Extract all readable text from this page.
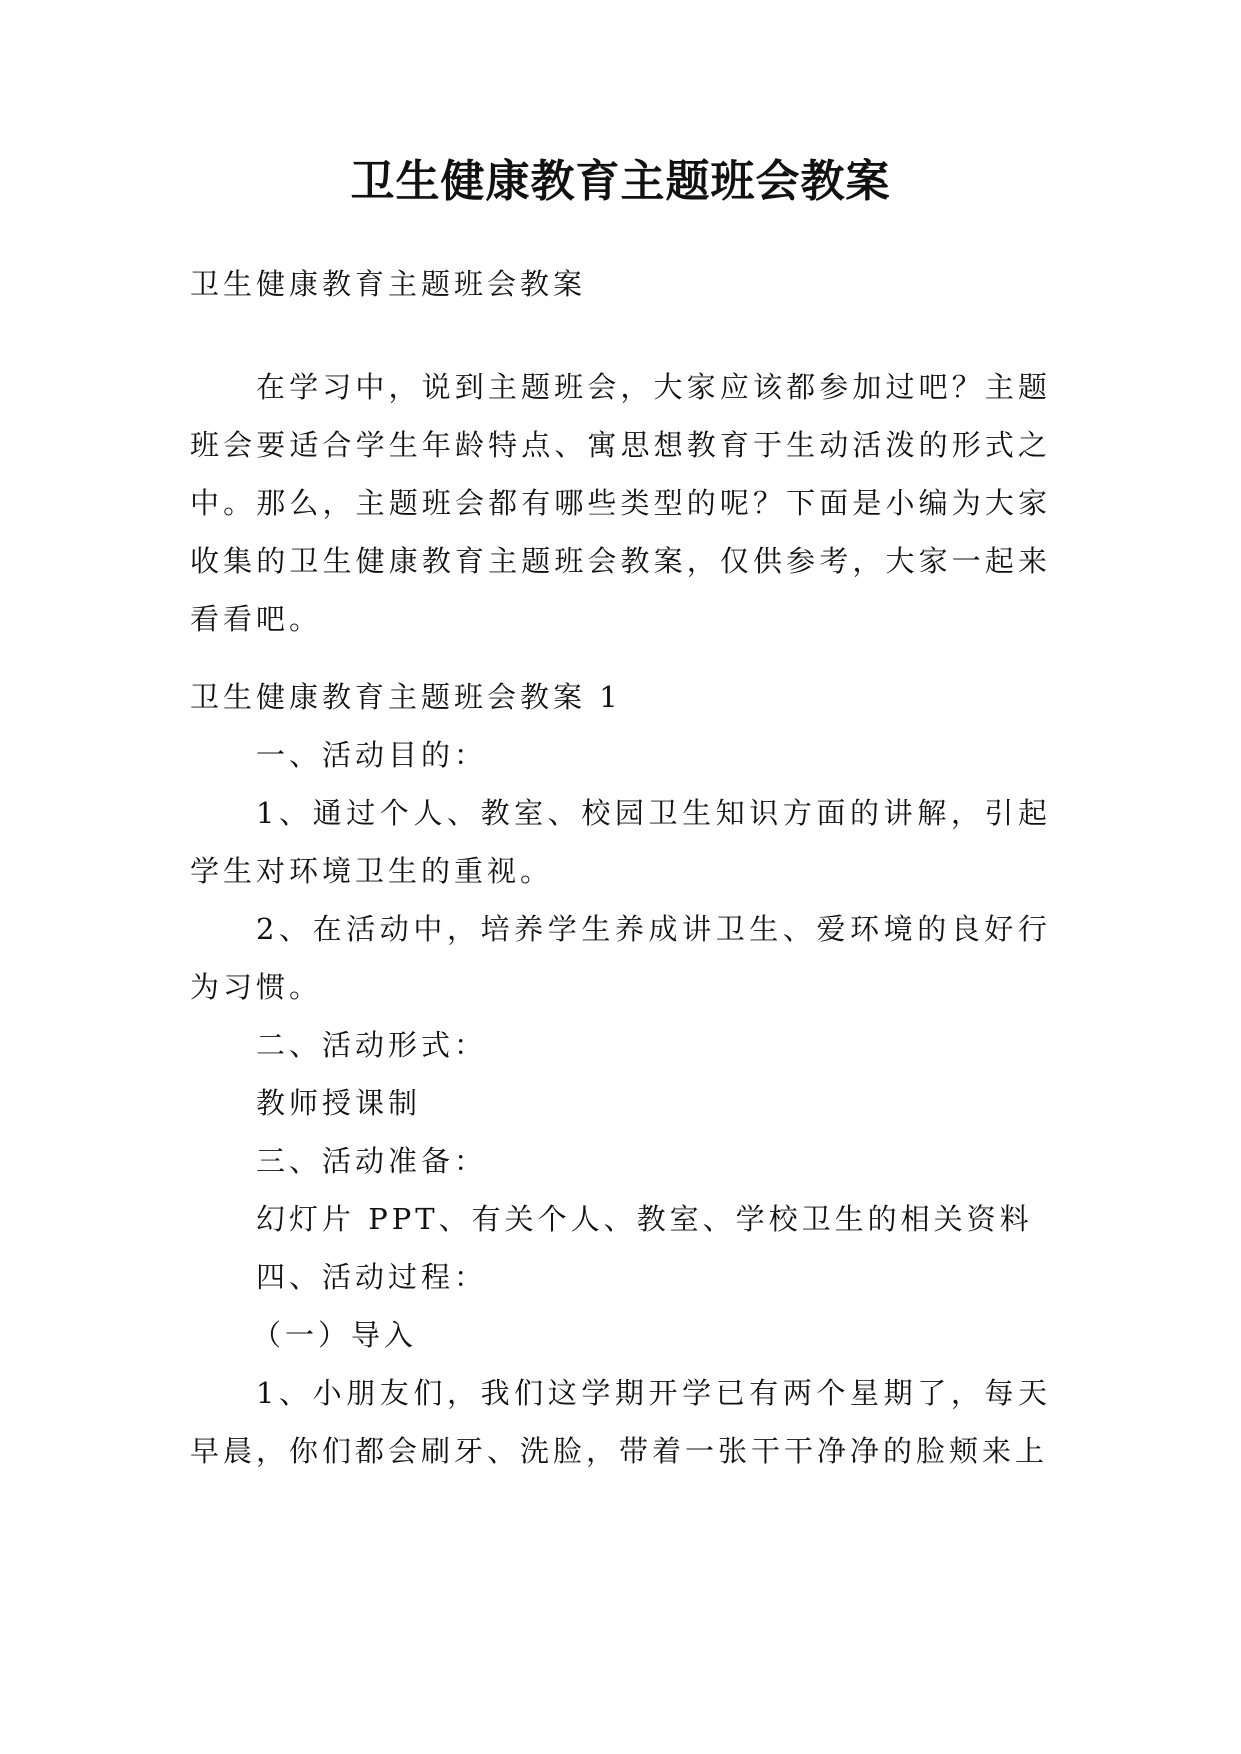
卫生健康教育主题班会教案

卫生健康教育主题班会教案

在学习中，说到主题班会，大家应该都参加过吧？主题班会要适合学生年龄特点、寓思想教育于生动活泼的形式之中。那么，主题班会都有哪些类型的呢？下面是小编为大家收集的卫生健康教育主题班会教案，仅供参考，大家一起来看看吧。

卫生健康教育主题班会教案 1

一、活动目的：

1、通过个人、教室、校园卫生知识方面的讲解，引起学生对环境卫生的重视。

2、在活动中，培养学生养成讲卫生、爱环境的良好行为习惯。

二、活动形式：

教师授课制

三、活动准备：

幻灯片 PPT、有关个人、教室、学校卫生的相关资料

四、活动过程：

（一）导入

1、小朋友们，我们这学期开学已有两个星期了，每天早晨，你们都会刷牙、洗脸，带着一张干干净净的脸颊来上
